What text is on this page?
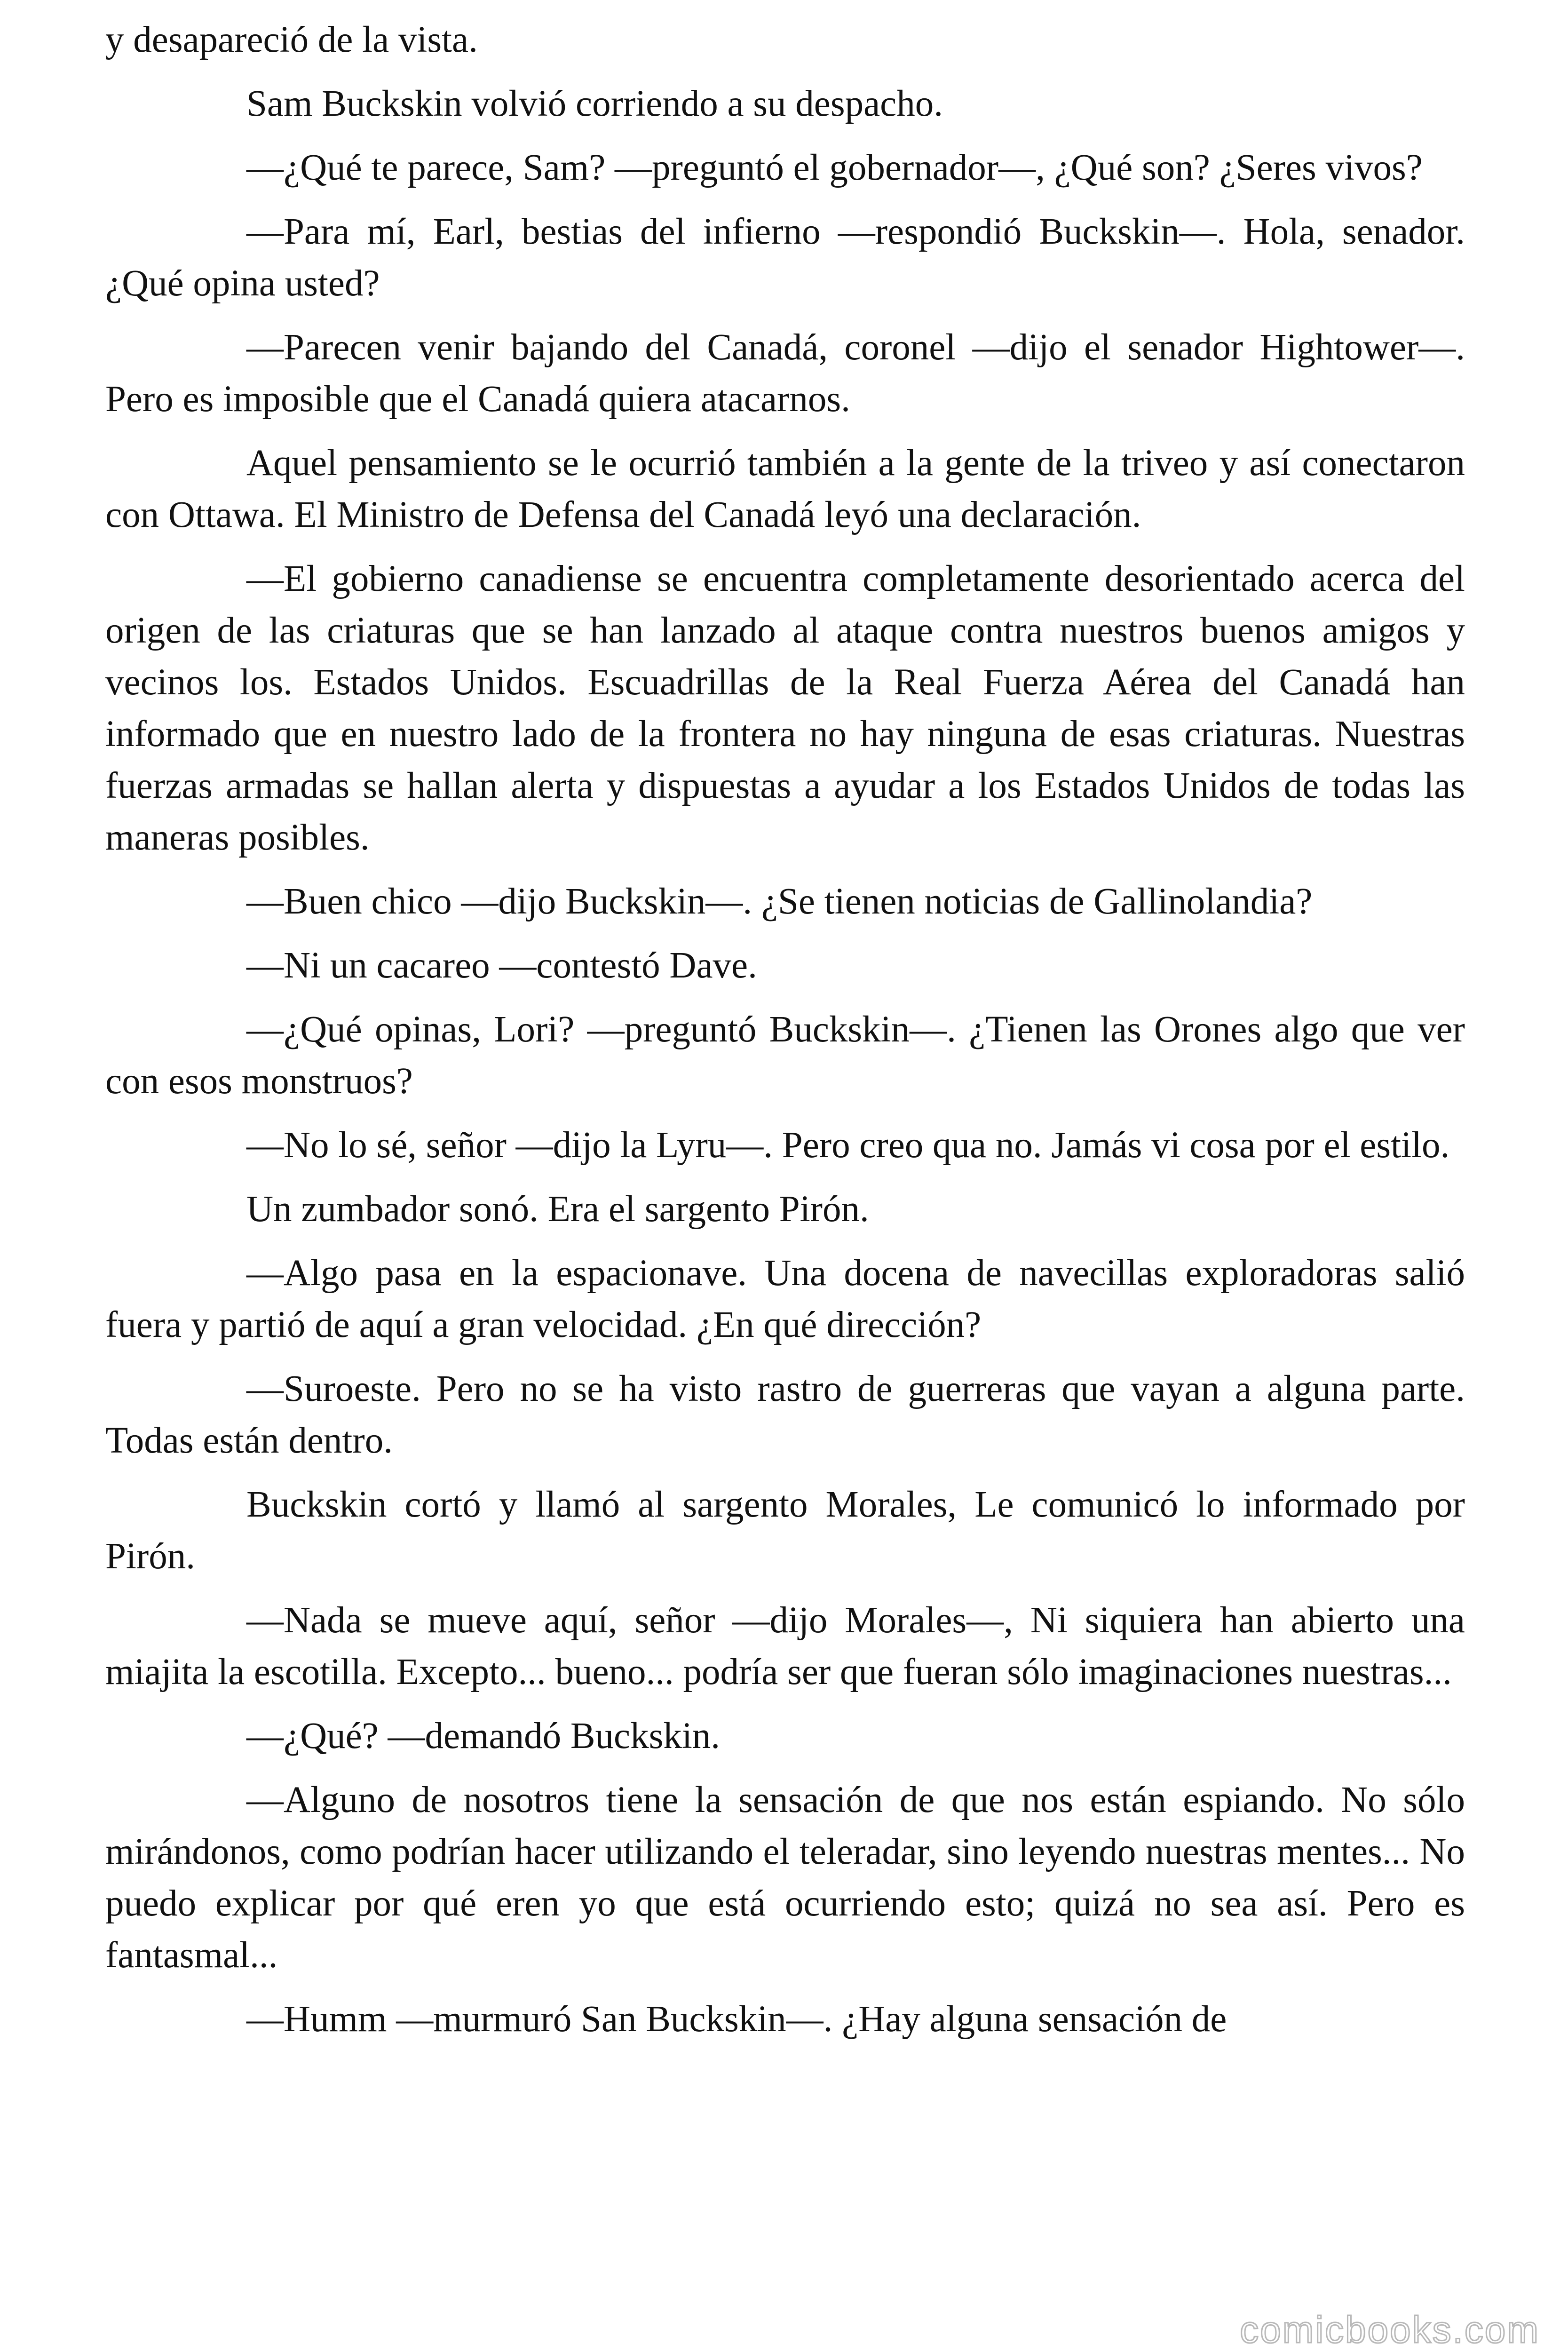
y desapareció de la vista.

Sam Buckskin volvió corriendo a su despacho.

—¿Qué te parece, Sam? —preguntó el gobernador—, ¿Qué son? ¿Seres vivos?

—Para mí, Earl, bestias del infierno —respondió Buckskin—. Hola, senador. ¿Qué opina usted?

—Parecen venir bajando del Canadá, coronel —dijo el senador Hightower—. Pero es imposible que el Canadá quiera atacarnos.

Aquel pensamiento se le ocurrió también a la gente de la triveo y así conectaron con Ottawa. El Ministro de Defensa del Canadá leyó una declaración.

—El gobierno canadiense se encuentra completamente desorientado acerca del origen de las criaturas que se han lanzado al ataque contra nuestros buenos amigos y vecinos los. Estados Unidos. Escuadrillas de la Real Fuerza Aérea del Canadá han informado que en nuestro lado de la frontera no hay ninguna de esas criaturas. Nuestras fuerzas armadas se hallan alerta y dispuestas a ayudar a los Estados Unidos de todas las maneras posibles.

—Buen chico —dijo Buckskin—. ¿Se tienen noticias de Gallinolandia?

—Ni un cacareo —contestó Dave.

—¿Qué opinas, Lori? —preguntó Buckskin—. ¿Tienen las Orones algo que ver con esos monstruos?

—No lo sé, señor —dijo la Lyru—. Pero creo qua no. Jamás vi cosa por el estilo.

Un zumbador sonó. Era el sargento Pirón.

—Algo pasa en la espacionave. Una docena de navecillas exploradoras salió fuera y partió de aquí a gran velocidad. ¿En qué dirección?

—Suroeste. Pero no se ha visto rastro de guerreras que vayan a alguna parte. Todas están dentro.

Buckskin cortó y llamó al sargento Morales, Le comunicó lo informado por Pirón.

—Nada se mueve aquí, señor —dijo Morales—, Ni siquiera han abierto una miajita la escotilla. Excepto... bueno... podría ser que fueran sólo imaginaciones nuestras...

—¿Qué? —demandó Buckskin.

—Alguno de nosotros tiene la sensación de que nos están espiando. No sólo mirándonos, como podrían hacer utilizando el teleradar, sino leyendo nuestras mentes... No puedo explicar por qué eren yo que está ocurriendo esto; quizá no sea así. Pero es fantasmal...

—Humm —murmuró San Buckskin—. ¿Hay alguna sensación de

comicbooks.com
